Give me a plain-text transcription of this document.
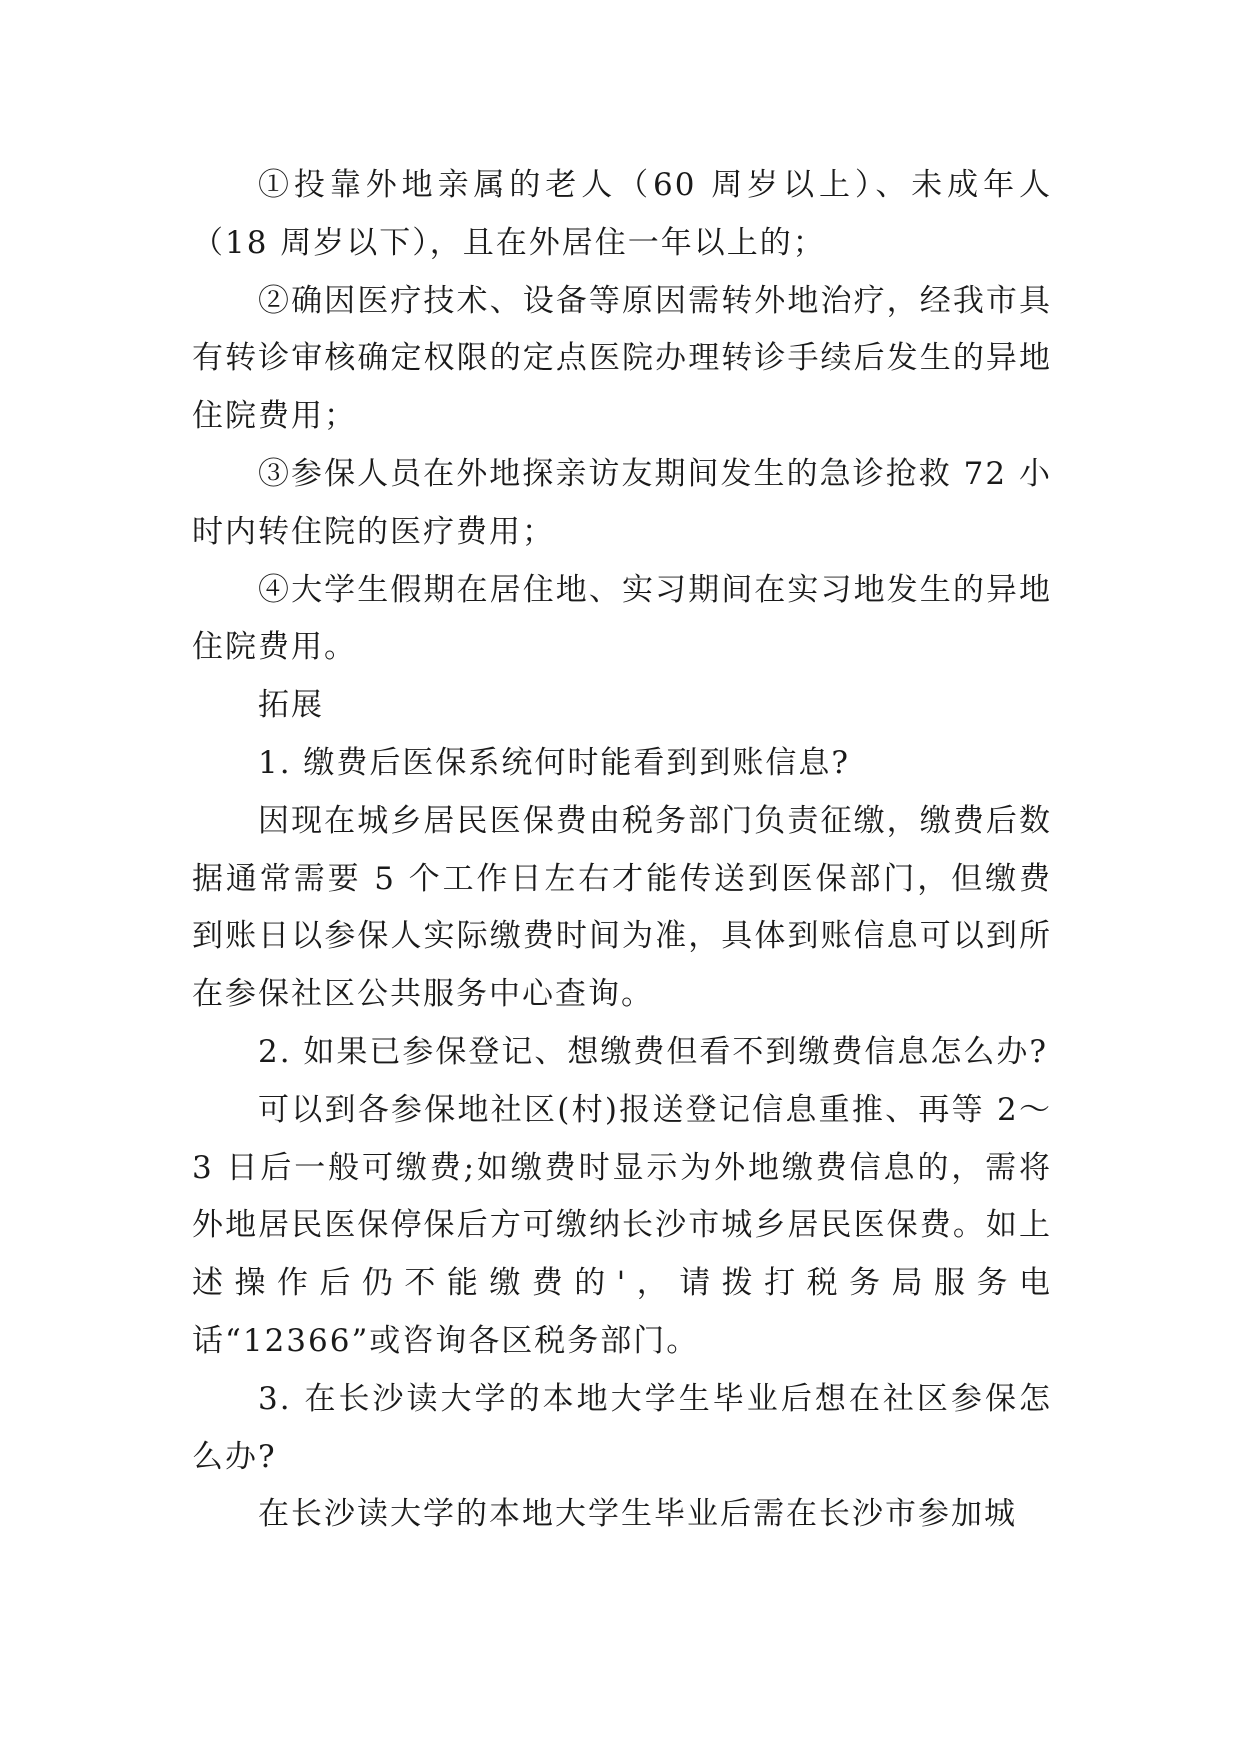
①投靠外地亲属的老人（60 周岁以上）、未成年人（18 周岁以下），且在外居住一年以上的；

②确因医疗技术、设备等原因需转外地治疗，经我市具有转诊审核确定权限的定点医院办理转诊手续后发生的异地住院费用；

③参保人员在外地探亲访友期间发生的急诊抢救 72 小时内转住院的医疗费用；

④大学生假期在居住地、实习期间在实习地发生的异地住院费用。

拓展

1. 缴费后医保系统何时能看到到账信息?

因现在城乡居民医保费由税务部门负责征缴，缴费后数据通常需要 5 个工作日左右才能传送到医保部门，但缴费到账日以参保人实际缴费时间为准，具体到账信息可以到所在参保社区公共服务中心查询。

2. 如果已参保登记、想缴费但看不到缴费信息怎么办?

可以到各参保地社区(村)报送登记信息重推、再等 2～3 日后一般可缴费;如缴费时显示为外地缴费信息的，需将外地居民医保停保后方可缴纳长沙市城乡居民医保费。如上述操作后仍不能缴费的'，请拨打税务局服务电话“12366”或咨询各区税务部门。

3. 在长沙读大学的本地大学生毕业后想在社区参保怎么办?

在长沙读大学的本地大学生毕业后需在长沙市参加城
